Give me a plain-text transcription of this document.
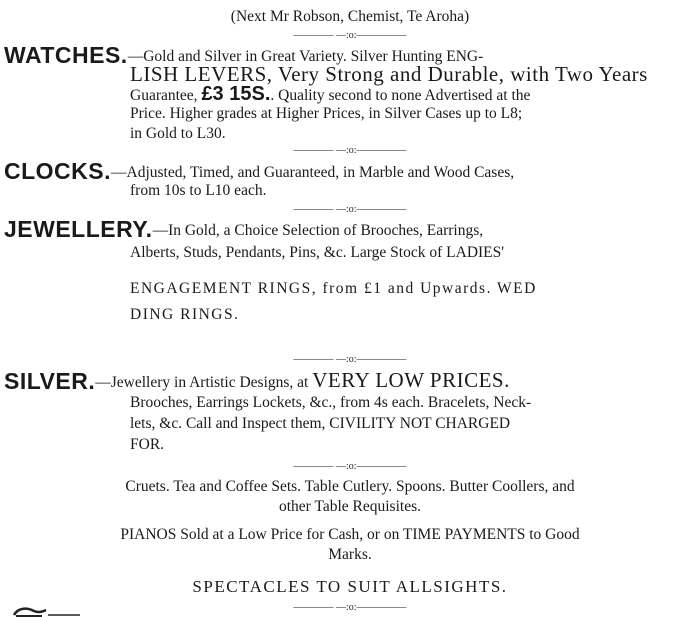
(Next Mr Robson, Chemist, Te Aroha)
———— —:o:—————
WATCHES.—Gold and Silver in Great Variety. Silver Hunting ENG-
LISH LEVERS, Very Strong and Durable, with Two Years
Guarantee, £3 15S.. Quality second to none Advertised at the
Price. Higher grades at Higher Prices, in Silver Cases up to L8;
in Gold to L30.
———— —:o:—————
CLOCKS.—Adjusted, Timed, and Guaranteed, in Marble and Wood Cases,
from 10s to L10 each.
———— —:o:—————
JEWELLERY.—In Gold, a Choice Selection of Brooches, Earrings,
Alberts, Studs, Pendants, Pins, &c. Large Stock of LADIES'
ENGAGEMENT RINGS, from £1 and Upwards. WED
DING RINGS.
———— —:o:—————
SILVER.—Jewellery in Artistic Designs, at VERY LOW PRICES.
Brooches, Earrings Lockets, &c., from 4s each. Bracelets, Neck-
lets, &c. Call and Inspect them, CIVILITY NOT CHARGED
FOR.
———— —:o:—————
Cruets. Tea and Coffee Sets. Table Cutlery. Spoons. Butter Coollers, and
other Table Requisites.
PIANOS Sold at a Low Price for Cash, or on TIME PAYMENTS to Good
Marks.
SPECTACLES TO SUIT ALLSIGHTS.
———— —:o:—————
